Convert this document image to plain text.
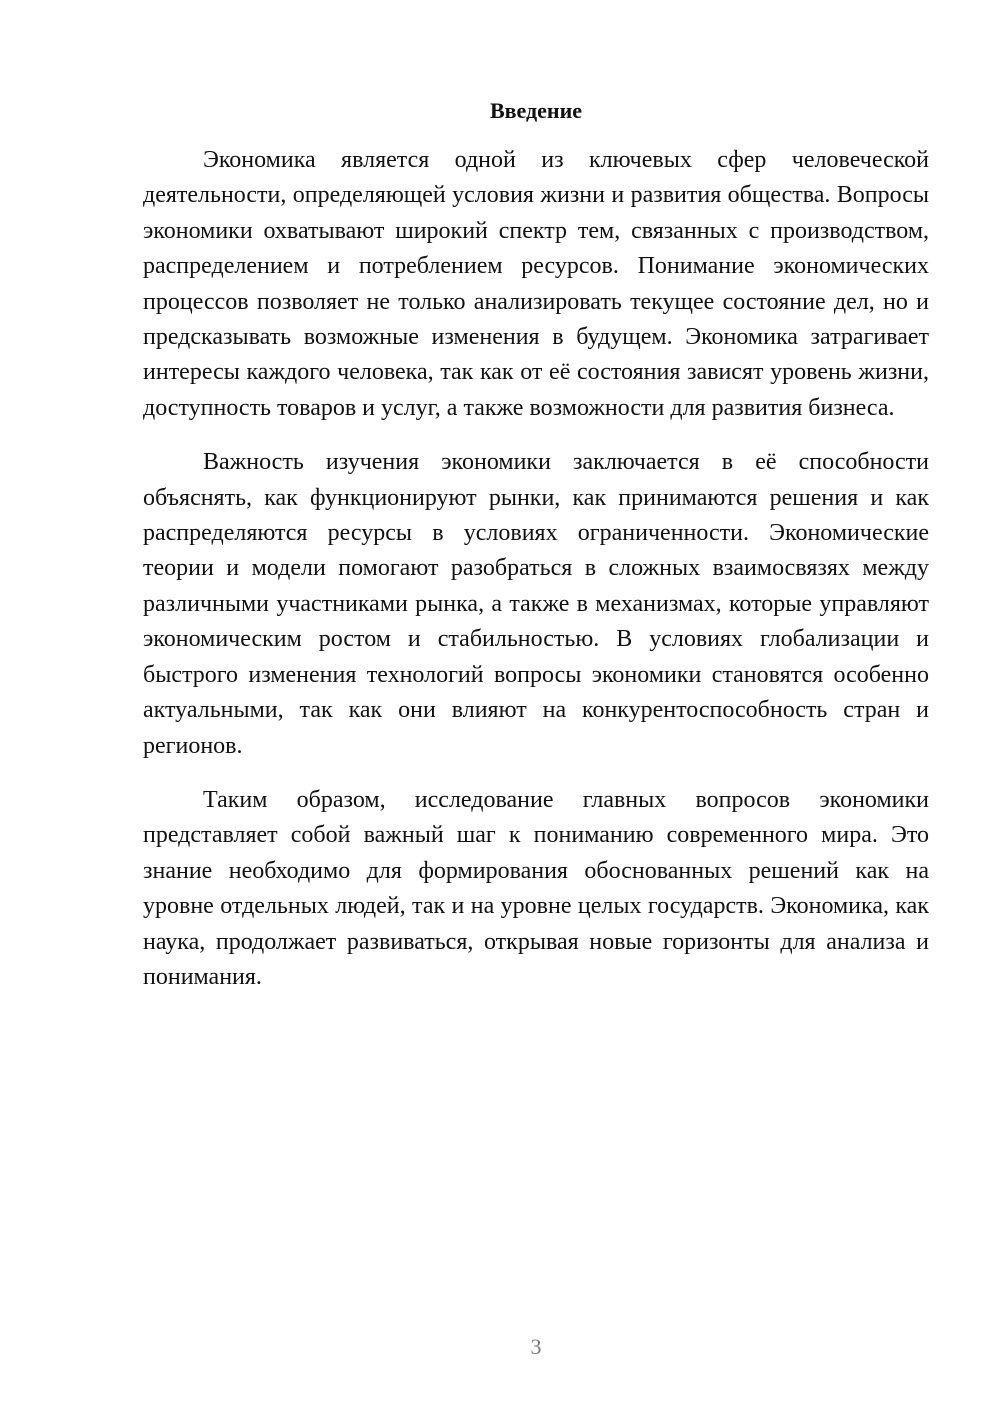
Введение

Экономика является одной из ключевых сфер человеческой деятельности, определяющей условия жизни и развития общества. Вопросы экономики охватывают широкий спектр тем, связанных с производством, распределением и потреблением ресурсов. Понимание экономических процессов позволяет не только анализировать текущее состояние дел, но и предсказывать возможные изменения в будущем. Экономика затрагивает интересы каждого человека, так как от её состояния зависят уровень жизни, доступность товаров и услуг, а также возможности для развития бизнеса.

Важность изучения экономики заключается в её способности объяснять, как функционируют рынки, как принимаются решения и как распределяются ресурсы в условиях ограниченности. Экономические теории и модели помогают разобраться в сложных взаимосвязях между различными участниками рынка, а также в механизмах, которые управляют экономическим ростом и стабильностью. В условиях глобализации и быстрого изменения технологий вопросы экономики становятся особенно актуальными, так как они влияют на конкурентоспособность стран и регионов.

Таким образом, исследование главных вопросов экономики представляет собой важный шаг к пониманию современного мира. Это знание необходимо для формирования обоснованных решений как на уровне отдельных людей, так и на уровне целых государств. Экономика, как наука, продолжает развиваться, открывая новые горизонты для анализа и понимания.

3
